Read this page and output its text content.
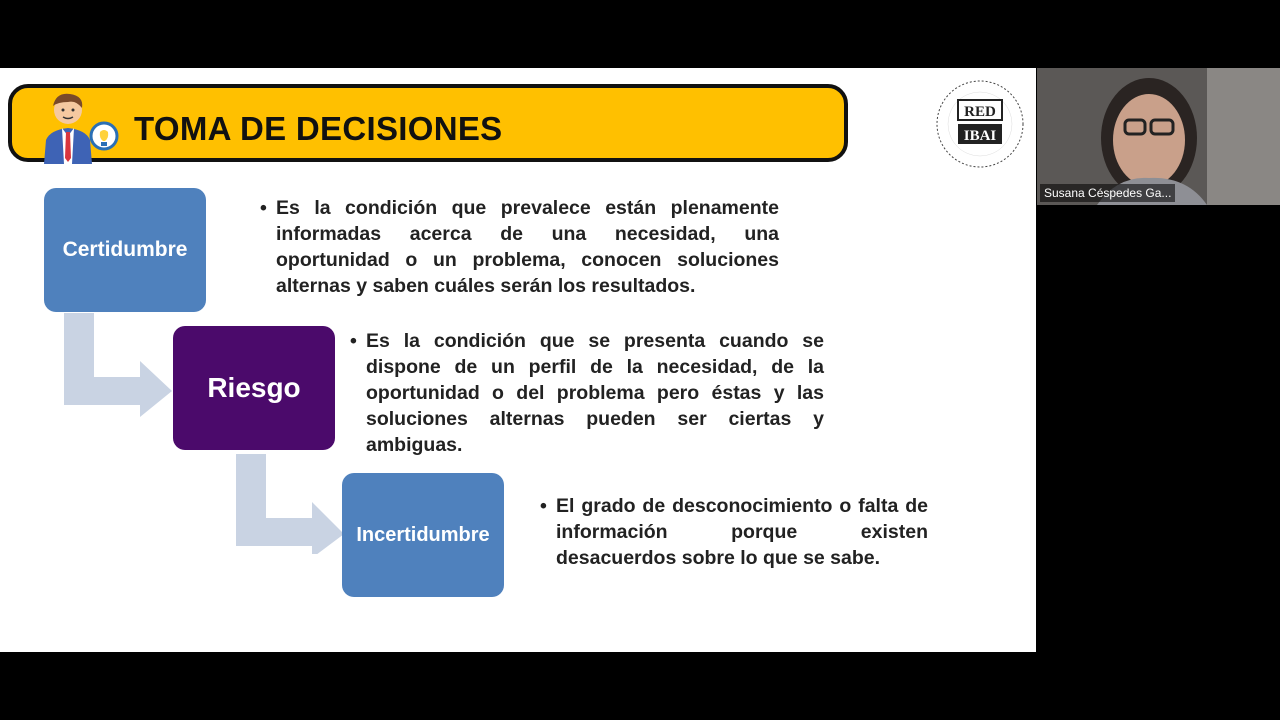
TOMA DE DECISIONES	RED
IBAI
Certidumbre
Riesgo
Incertidumbre
• Es la condición que prevalece están plenamente informadas acerca de una necesidad, una oportunidad o un problema, conocen soluciones alternas y saben cuáles serán los resultados.
• Es la condición que se presenta cuando se dispone de un perfil de la necesidad, de la oportunidad o del problema pero éstas y las soluciones alternas pueden ser ciertas y ambiguas.
• El grado de desconocimiento o falta de información porque existen desacuerdos sobre lo que se sabe.
Susana Céspedes Ga...
